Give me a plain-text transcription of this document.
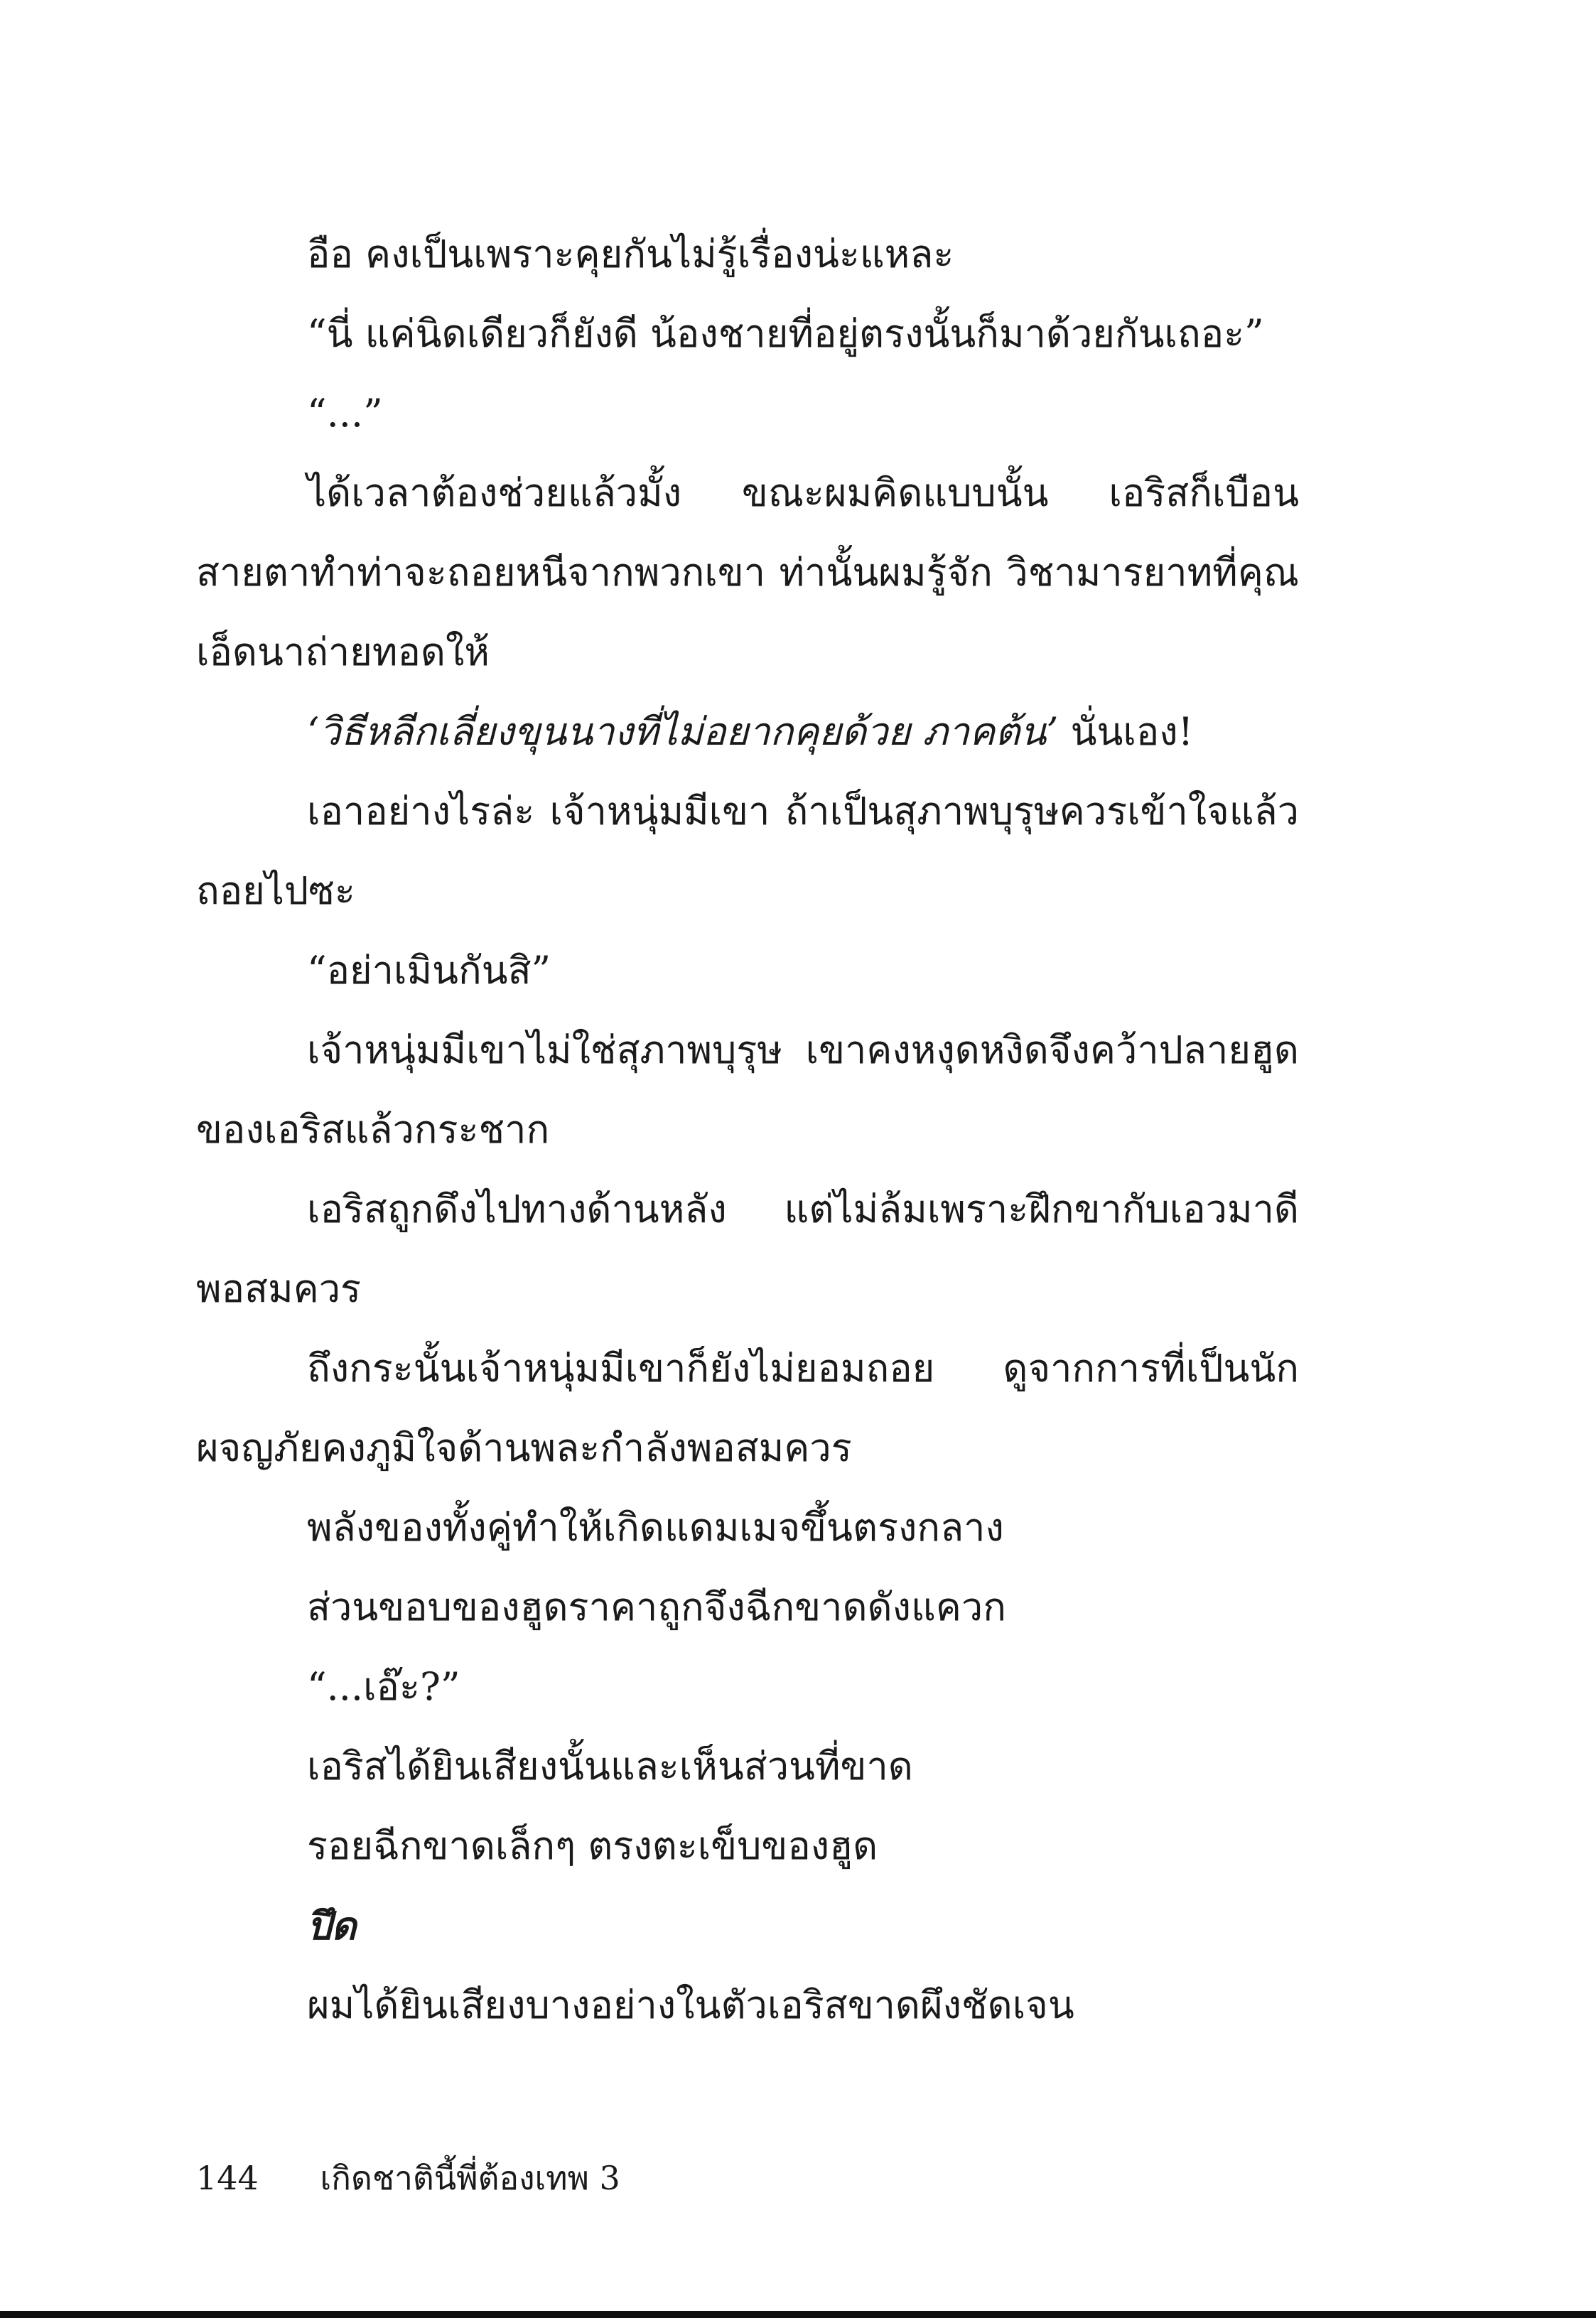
อือ คงเป็นเพราะคุยกันไม่รู้เรื่องน่ะแหละ

“นี่ แค่นิดเดียวก็ยังดี น้องชายที่อยู่ตรงนั้นก็มาด้วยกันเถอะ”

“...”

ได้เวลาต้องช่วยแล้วมั้ง ขณะผมคิดแบบนั้น เอริสก็เบือนสายตาทำท่าจะถอยหนีจากพวกเขา ท่านั้นผมรู้จัก วิชามารยาทที่คุณเอ็ดนาถ่ายทอดให้

‘วิธีหลีกเลี่ยงขุนนางที่ไม่อยากคุยด้วย ภาคต้น’ นั่นเอง!

เอาอย่างไรล่ะ เจ้าหนุ่มมีเขา ถ้าเป็นสุภาพบุรุษควรเข้าใจแล้วถอยไปซะ

“อย่าเมินกันสิ”

เจ้าหนุ่มมีเขาไม่ใช่สุภาพบุรุษ เขาคงหงุดหงิดจึงคว้าปลายฮูดของเอริสแล้วกระชาก

เอริสถูกดึงไปทางด้านหลัง แต่ไม่ล้มเพราะฝึกขากับเอวมาดีพอสมควร

ถึงกระนั้นเจ้าหนุ่มมีเขาก็ยังไม่ยอมถอย ดูจากการที่เป็นนักผจญภัยคงภูมิใจด้านพละกำลังพอสมควร

พลังของทั้งคู่ทำให้เกิดแดมเมจขึ้นตรงกลาง

ส่วนขอบของฮูดราคาถูกจึงฉีกขาดดังแควก

“...เอ๊ะ?”

เอริสได้ยินเสียงนั้นและเห็นส่วนที่ขาด

รอยฉีกขาดเล็กๆ ตรงตะเข็บของฮูด

ปึด

ผมได้ยินเสียงบางอย่างในตัวเอริสขาดผึงชัดเจน

144 เกิดชาตินี้พี่ต้องเทพ 3
